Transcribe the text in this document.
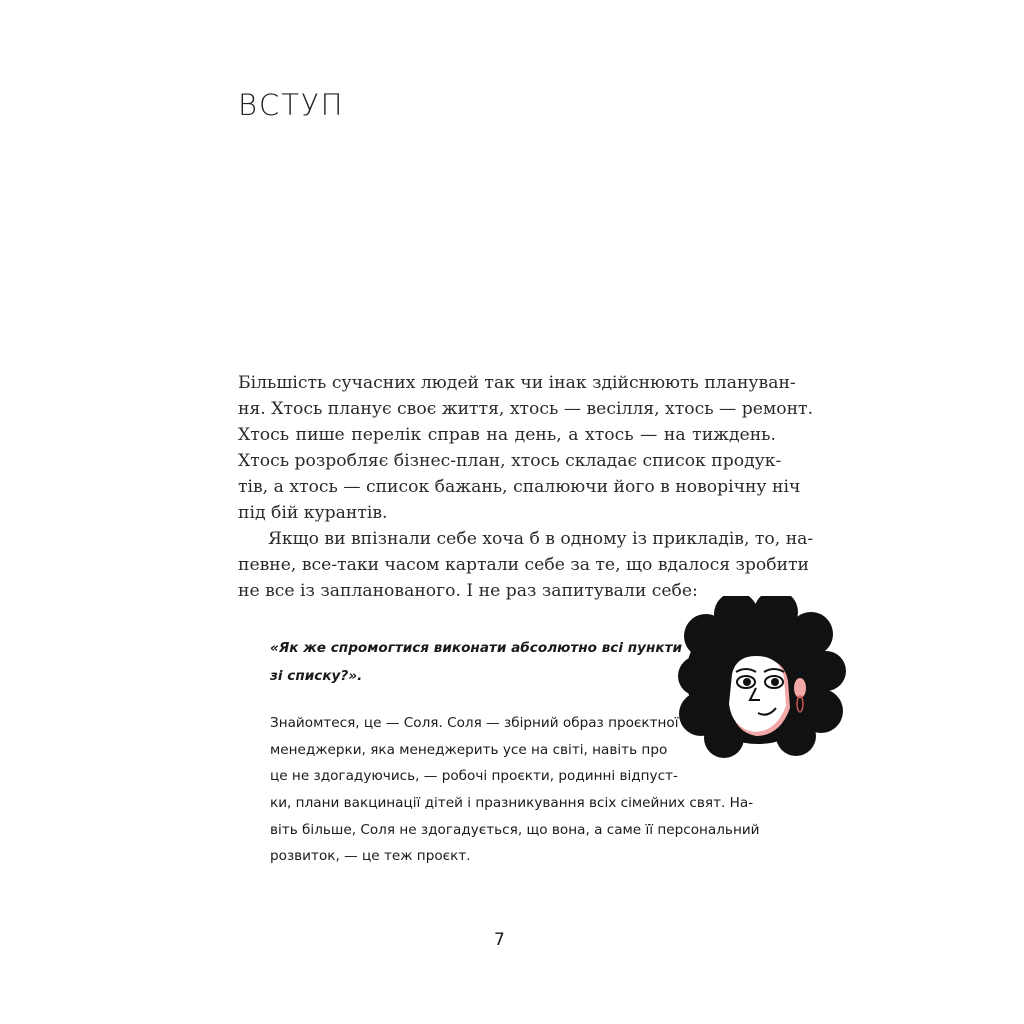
ВСТУП
Більшість сучасних людей так чи інак здійснюють плануван-
ня. Хтось планує своє життя, хтось — весілля, хтось — ремонт.
Хтось пише перелік справ на день, а хтось — на тиждень.
Хтось розробляє бізнес-план, хтось складає список продук-
тів, а хтось — список бажань, спалюючи його в новорічну ніч
під бій курантів.
Якщо ви впізнали себе хоча б в одному із прикладів, то, на-
певне, все-таки часом картали себе за те, що вдалося зробити
не все із запланованого. І не раз запитували себе:
«Як же спромогтися виконати абсолютно всі пункти
зі списку?».
Знайомтеся, це — Соля. Соля — збірний образ проєктної
менеджерки, яка менеджерить усе на світі, навіть про
це не здогадуючись, — робочі проєкти, родинні відпуст-
ки, плани вакцинації дітей і празникування всіх сімейних свят. На-
віть більше, Соля не здогадується, що вона, а саме її персональний
розвиток, — це теж проєкт.
7
